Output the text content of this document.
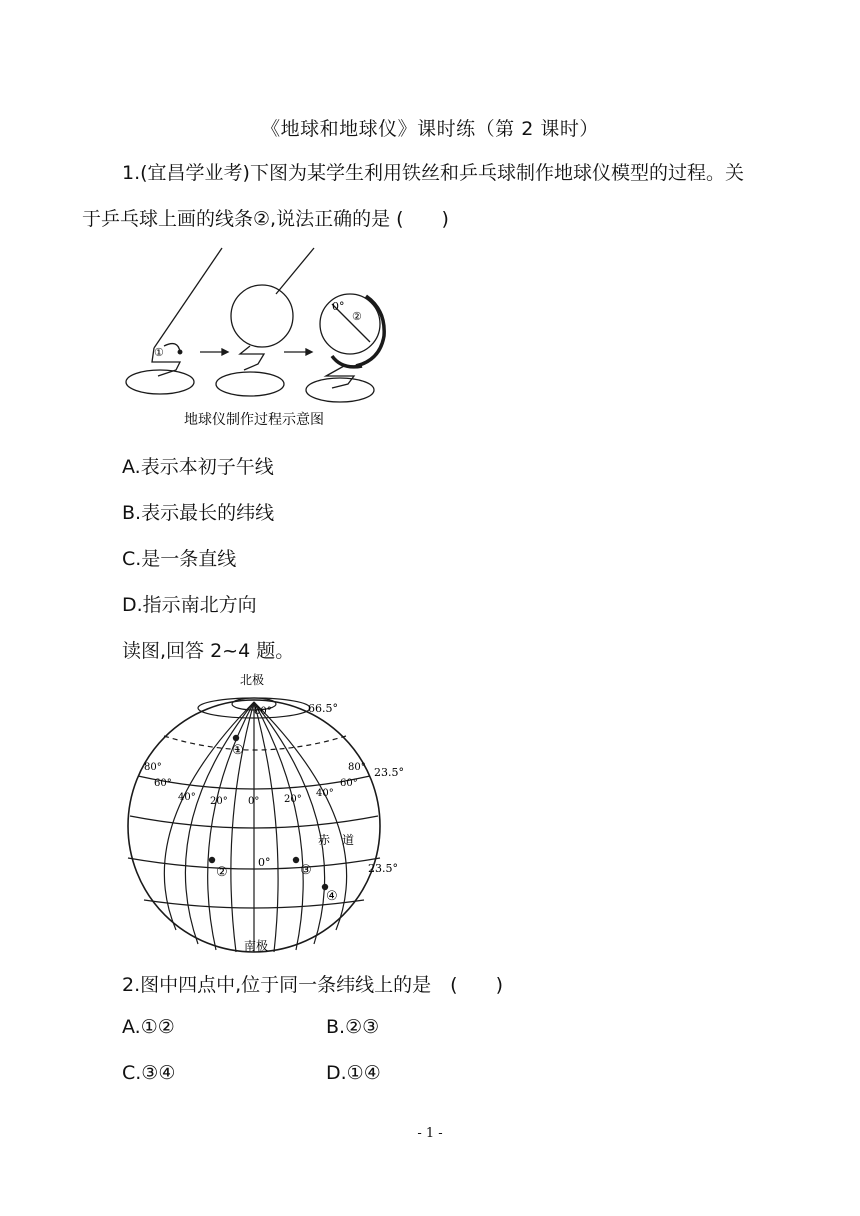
《地球和地球仪》课时练（第 2 课时）
1.(宜昌学业考)下图为某学生利用铁丝和乒乓球制作地球仪模型的过程。关
于乒乓球上画的线条②,说法正确的是 (　　)
①
0°
②
地球仪制作过程示意图
A.表示本初子午线
B.表示最长的纬线
C.是一条直线
D.指示南北方向
读图,回答 2~4 题。
北极
南极
66.5°
80°
23.5°
23.5°
0°
赤　道
80°
60°
40° 20° 0° 20°
40°
60°
80°
①
②	③
④
2.图中四点中,位于同一条纬线上的是　(　　)
A.①②	B.②③
C.③④	D.①④
- 1 -
